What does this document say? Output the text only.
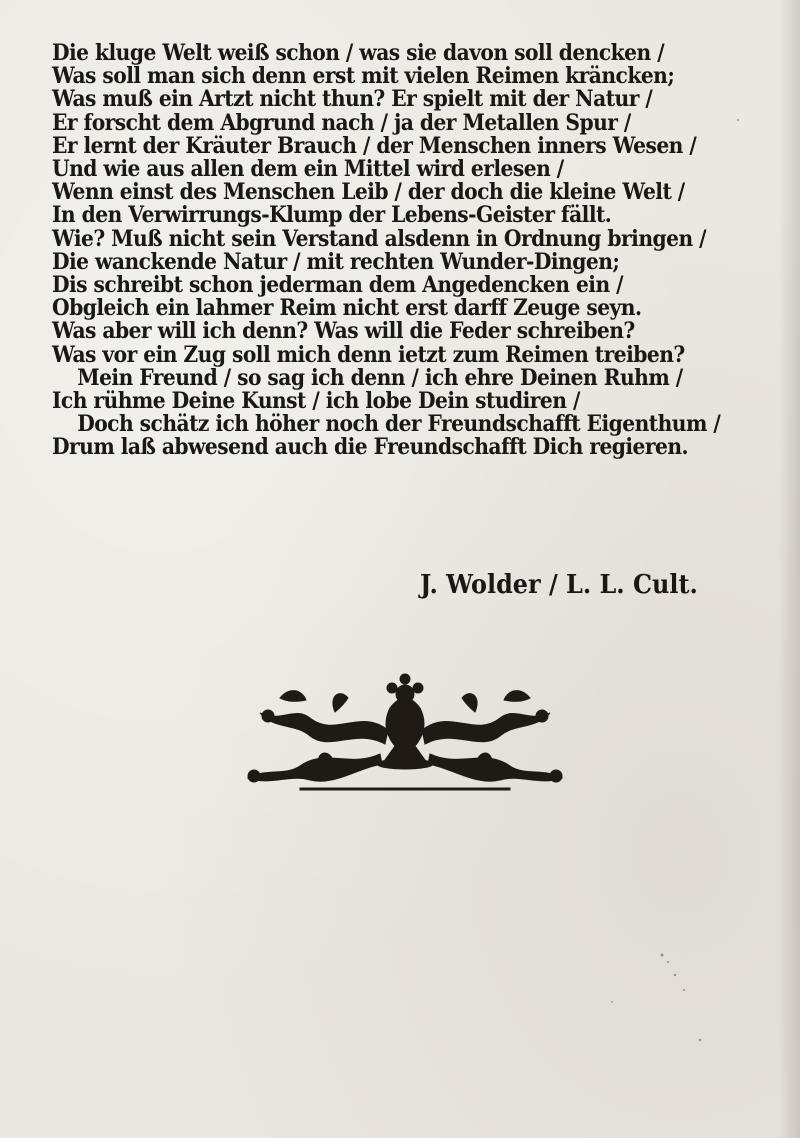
Die kluge Welt weiß schon / was sie davon soll dencken /
Was soll man sich denn erst mit vielen Reimen kräncken;
Was muß ein Artzt nicht thun? Er spielt mit der Natur /
Er forscht dem Abgrund nach / ja der Metallen Spur /
Er lernt der Kräuter Brauch / der Menschen inners Wesen /
Und wie aus allen dem ein Mittel wird erlesen /
Wenn einst des Menschen Leib / der doch die kleine Welt /
In den Verwirrungs-Klump der Lebens-Geister fällt.
Wie? Muß nicht sein Verstand alsdenn in Ordnung bringen /
Die wanckende Natur / mit rechten Wunder-Dingen;
Dis schreibt schon jederman dem Angedencken ein /
Obgleich ein lahmer Reim nicht erst darff Zeuge seyn.
Was aber will ich denn? Was will die Feder schreiben?
Was vor ein Zug soll mich denn ietzt zum Reimen treiben?
Mein Freund / so sag ich denn / ich ehre Deinen Ruhm /
Ich rühme Deine Kunst / ich lobe Dein studiren /
Doch schätz ich höher noch der Freundschafft Eigenthum /
Drum laß abwesend auch die Freundschafft Dich regieren.
J. Wolder / L. L. Cult.
